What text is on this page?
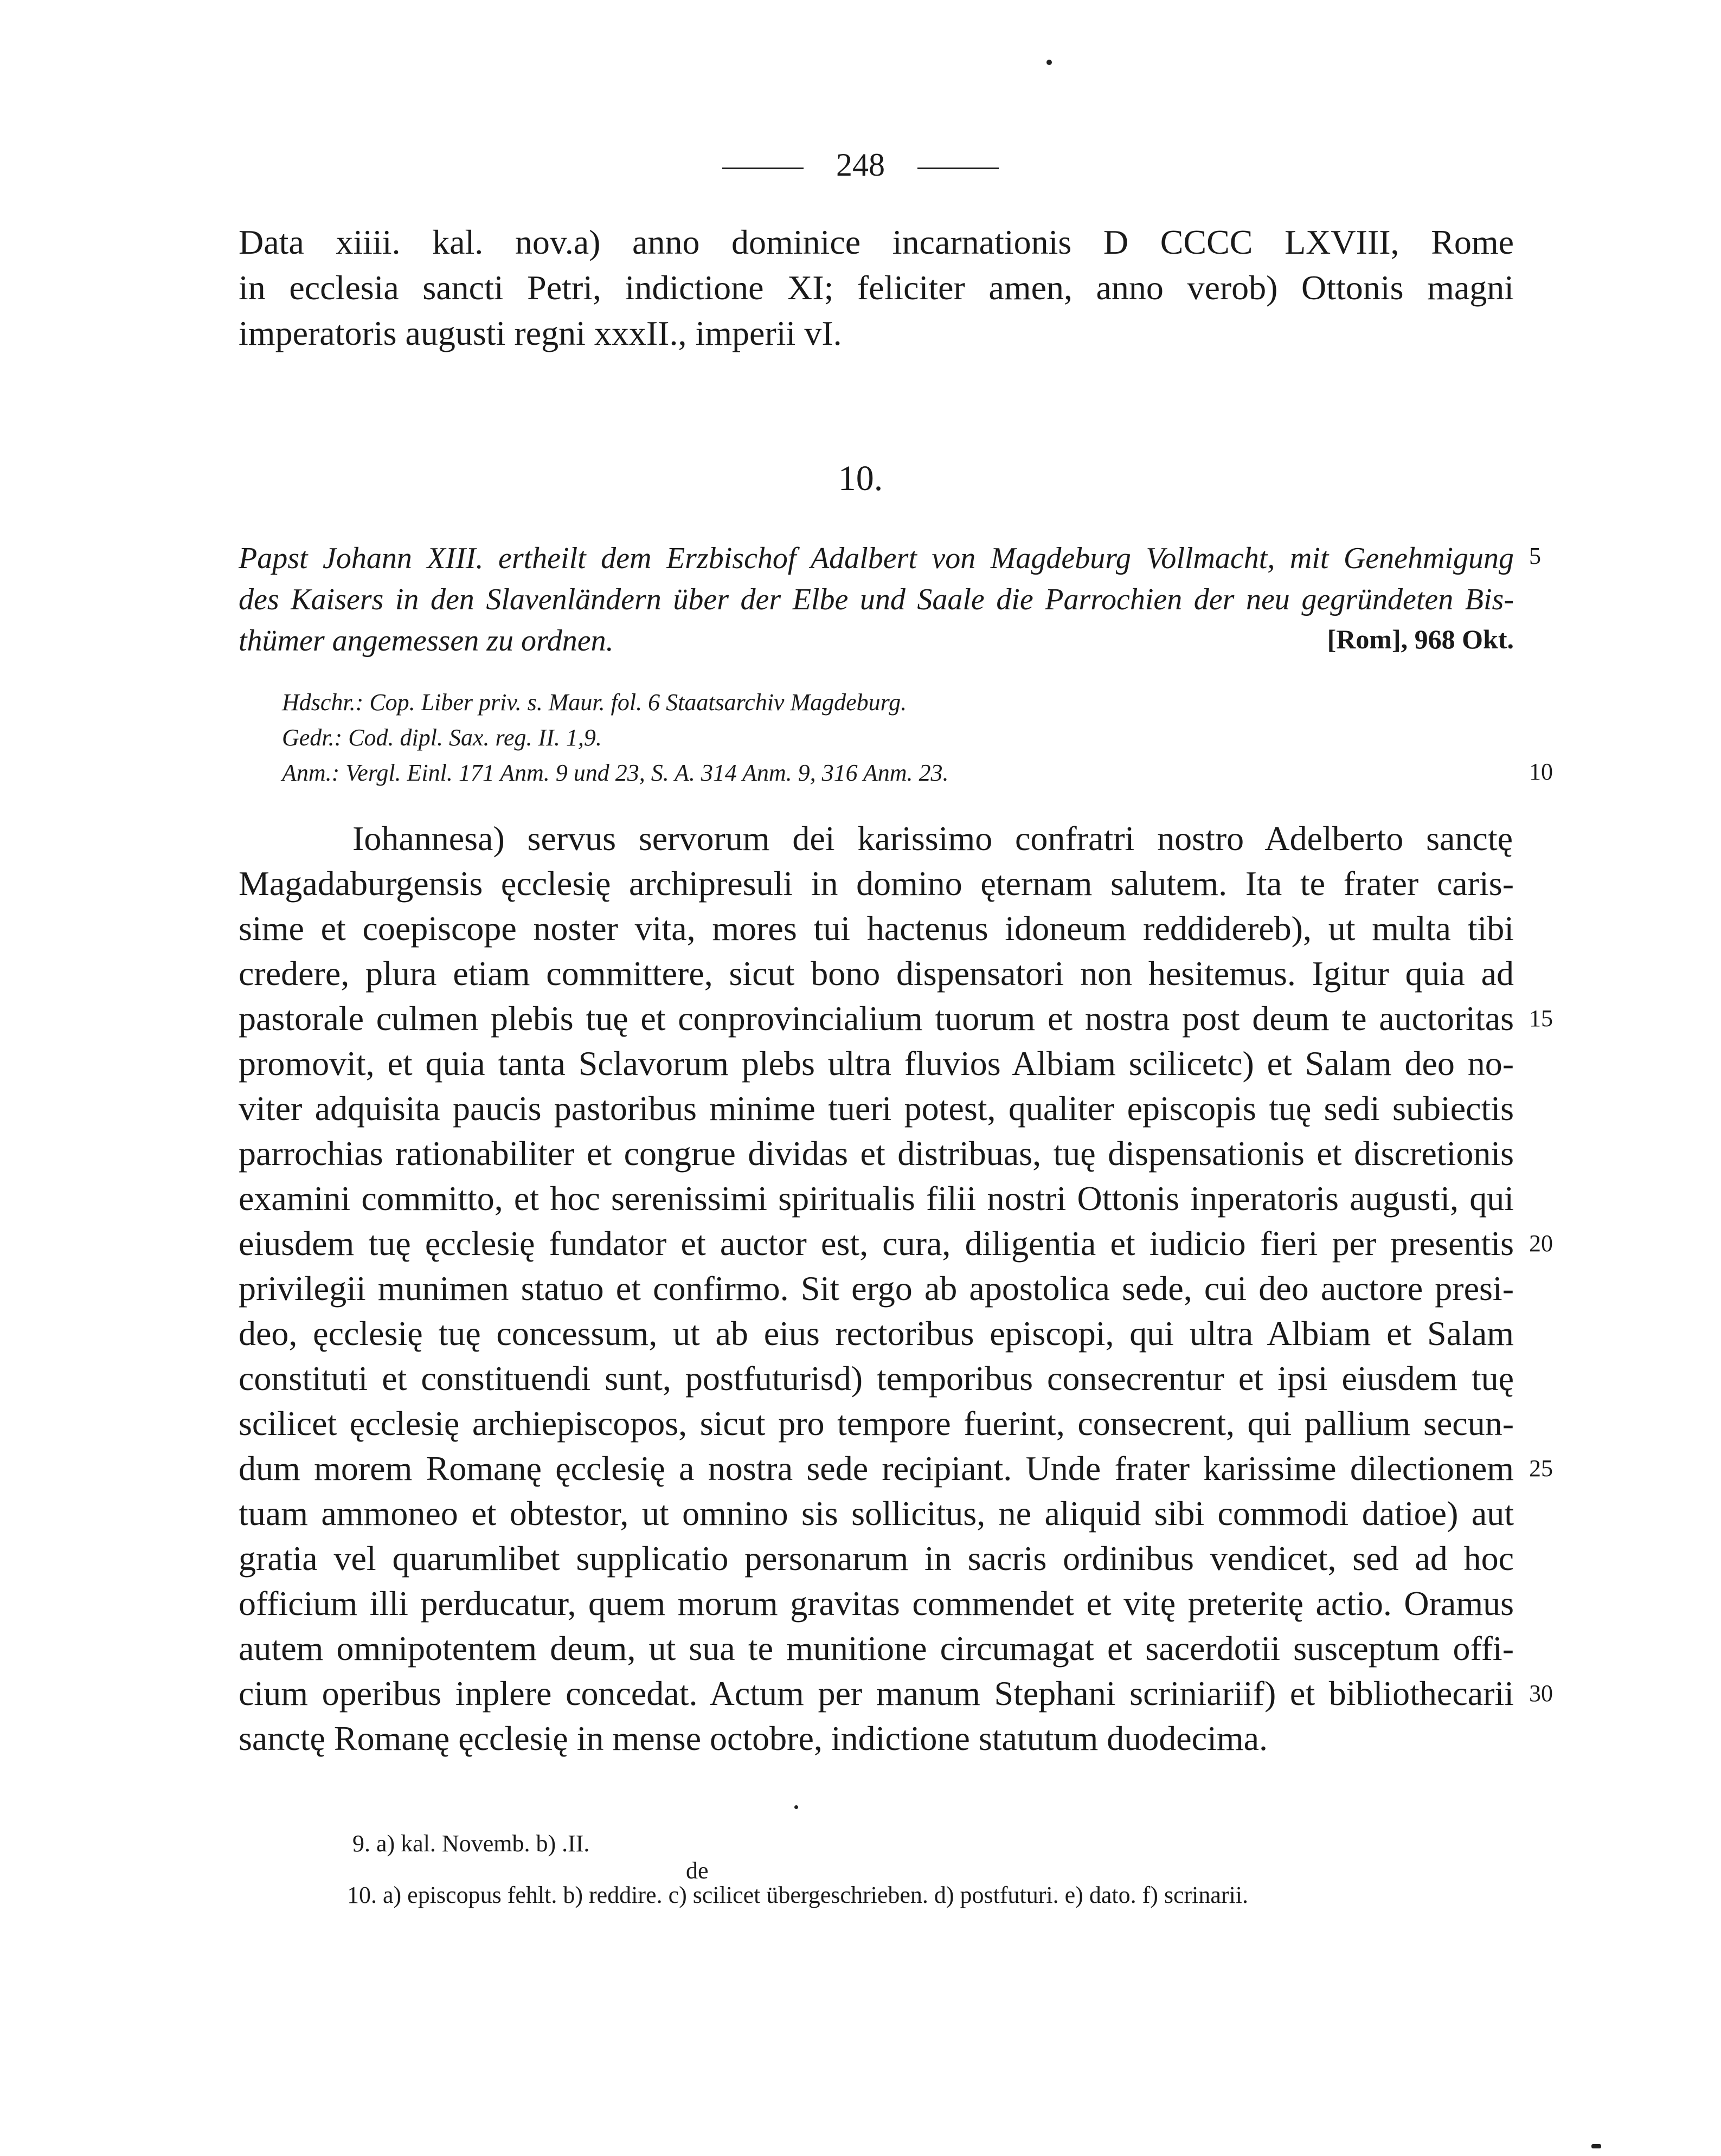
248
Data xiiii. kal. nov.a) anno dominice incarnationis D CCCC LXVIII, Rome
in ecclesia sancti Petri, indictione XI; feliciter amen, anno verob) Ottonis magni
imperatoris augusti regni xxxII., imperii vI.
10.
Papst Johann XIII. ertheilt dem Erzbischof Adalbert von Magdeburg Vollmacht, mit Genehmigung
des Kaisers in den Slavenländern über der Elbe und Saale die Parrochien der neu gegründeten Bis-
thümer angemessen zu ordnen.	[Rom], 968 Okt.
Hdschr.: Cop. Liber priv. s. Maur. fol. 6 Staatsarchiv Magdeburg.
Gedr.: Cod. dipl. Sax. reg. II. 1,9.
Anm.: Vergl. Einl. 171 Anm. 9 und 23, S. A. 314 Anm. 9, 316 Anm. 23.
Iohannesa) servus servorum dei karissimo confratri nostro Adelberto sanctę
Magadaburgensis ęcclesię archipresuli in domino ęternam salutem. Ita te frater caris-
sime et coepiscope noster vita, mores tui hactenus idoneum reddidereb), ut multa tibi
credere, plura etiam committere, sicut bono dispensatori non hesitemus. Igitur quia ad
pastorale culmen plebis tuę et conprovincialium tuorum et nostra post deum te auctoritas
promovit, et quia tanta Sclavorum plebs ultra fluvios Albiam scilicetc) et Salam deo no-
viter adquisita paucis pastoribus minime tueri potest, qualiter episcopis tuę sedi subiectis
parrochias rationabiliter et congrue dividas et distribuas, tuę dispensationis et discretionis
examini committo, et hoc serenissimi spiritualis filii nostri Ottonis inperatoris augusti, qui
eiusdem tuę ęcclesię fundator et auctor est, cura, diligentia et iudicio fieri per presentis
privilegii munimen statuo et confirmo. Sit ergo ab apostolica sede, cui deo auctore presi-
deo, ęcclesię tuę concessum, ut ab eius rectoribus episcopi, qui ultra Albiam et Salam
constituti et constituendi sunt, postfuturisd) temporibus consecrentur et ipsi eiusdem tuę
scilicet ęcclesię archiepiscopos, sicut pro tempore fuerint, consecrent, qui pallium secun-
dum morem Romanę ęcclesię a nostra sede recipiant. Unde frater karissime dilectionem
tuam ammoneo et obtestor, ut omnino sis sollicitus, ne aliquid sibi commodi datioe) aut
gratia vel quarumlibet supplicatio personarum in sacris ordinibus vendicet, sed ad hoc
officium illi perducatur, quem morum gravitas commendet et vitę preteritę actio. Oramus
autem omnipotentem deum, ut sua te munitione circumagat et sacerdotii susceptum offi-
cium operibus inplere concedat. Actum per manum Stephani scriniariif) et bibliothecarii
sanctę Romanę ęcclesię in mense octobre, indictione statutum duodecima.
5
10
15
20
25
30
9. a) kal. Novemb. b) .II.
de
10. a) episcopus fehlt. b) reddire. c) scilicet übergeschrieben. d) postfuturi. e) dato. f) scrinarii.
